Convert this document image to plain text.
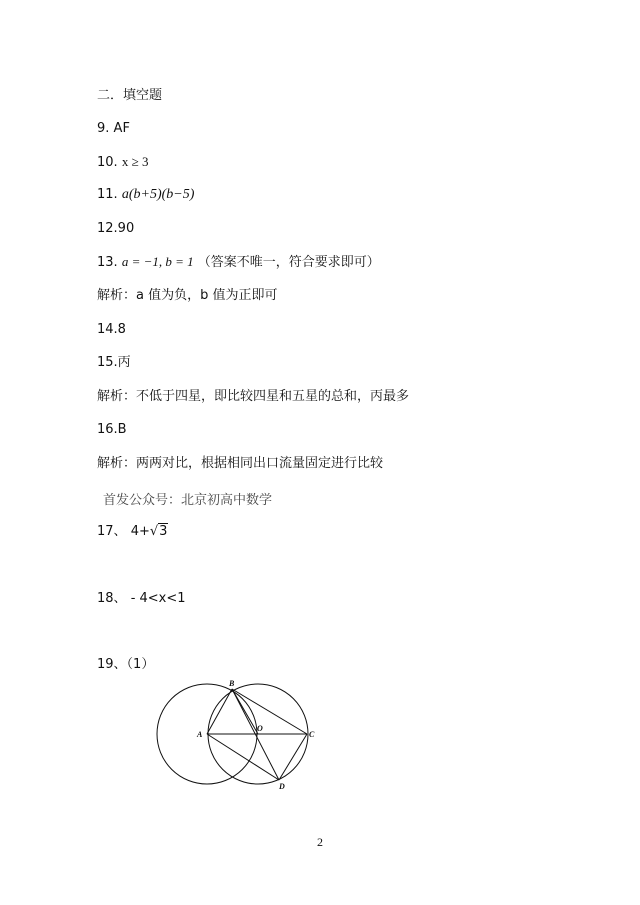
二．填空题
9. AF
10. x ≥ 3
11. a(b+5)(b−5)
12.90
13. a = −1, b = 1 （答案不唯一，符合要求即可）
解析：a 值为负，b 值为正即可
14.8
15.丙
解析：不低于四星，即比较四星和五星的总和，丙最多
16.B
解析：两两对比，根据相同出口流量固定进行比较
首发公众号：北京初高中数学
17、 4+√3
18、 - 4<x<1
19、（1）
B
A
O
C
D
2
